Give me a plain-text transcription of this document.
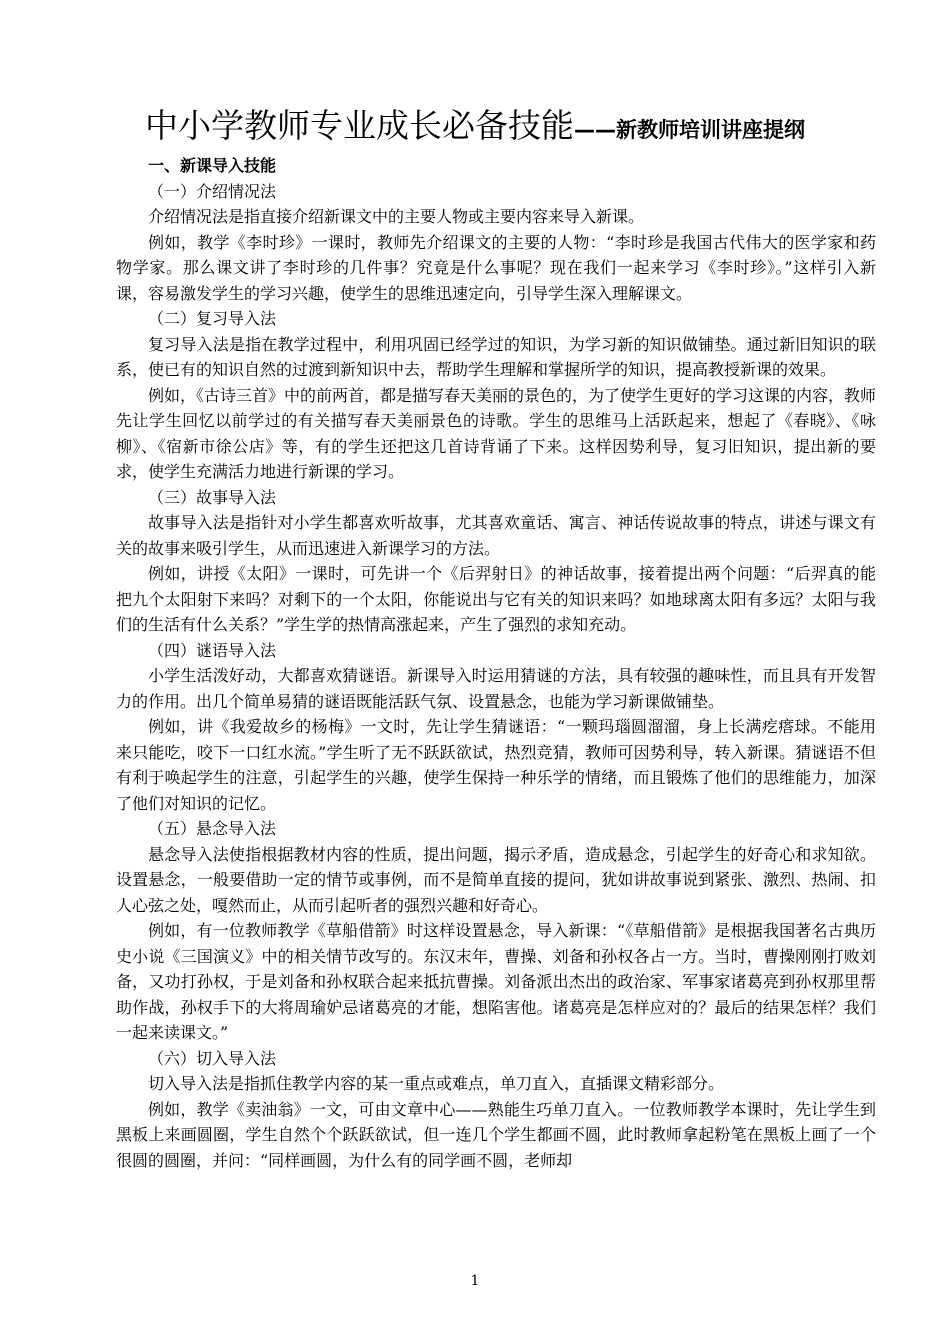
中小学教师专业成长必备技能——新教师培训讲座提纲

一、新课导入技能

（一）介绍情况法

介绍情况法是指直接介绍新课文中的主要人物或主要内容来导入新课。

例如，教学《李时珍》一课时，教师先介绍课文的主要的人物：“李时珍是我国古代伟大的医学家和药物学家。那么课文讲了李时珍的几件事？究竟是什么事呢？现在我们一起来学习《李时珍》。”这样引入新课，容易激发学生的学习兴趣，使学生的思维迅速定向，引导学生深入理解课文。

（二）复习导入法

复习导入法是指在教学过程中，利用巩固已经学过的知识，为学习新的知识做铺垫。通过新旧知识的联系，使已有的知识自然的过渡到新知识中去，帮助学生理解和掌握所学的知识，提高教授新课的效果。

例如，《古诗三首》中的前两首，都是描写春天美丽的景色的，为了使学生更好的学习这课的内容，教师先让学生回忆以前学过的有关描写春天美丽景色的诗歌。学生的思维马上活跃起来，想起了《春晓》、《咏柳》、《宿新市徐公店》等，有的学生还把这几首诗背诵了下来。这样因势利导，复习旧知识，提出新的要求，使学生充满活力地进行新课的学习。

（三）故事导入法

故事导入法是指针对小学生都喜欢听故事，尤其喜欢童话、寓言、神话传说故事的特点，讲述与课文有关的故事来吸引学生，从而迅速进入新课学习的方法。

例如，讲授《太阳》一课时，可先讲一个《后羿射日》的神话故事，接着提出两个问题：“后羿真的能把九个太阳射下来吗？对剩下的一个太阳，你能说出与它有关的知识来吗？如地球离太阳有多远？太阳与我们的生活有什么关系？”学生学的热情高涨起来，产生了强烈的求知充动。

（四）谜语导入法

小学生活泼好动，大都喜欢猜谜语。新课导入时运用猜谜的方法，具有较强的趣味性，而且具有开发智力的作用。出几个简单易猜的谜语既能活跃气氛、设置悬念，也能为学习新课做铺垫。

例如，讲《我爱故乡的杨梅》一文时，先让学生猜谜语：“一颗玛瑙圆溜溜，身上长满疙瘩球。不能用来只能吃，咬下一口红水流。”学生听了无不跃跃欲试，热烈竞猜，教师可因势利导，转入新课。猜谜语不但有利于唤起学生的注意，引起学生的兴趣，使学生保持一种乐学的情绪，而且锻炼了他们的思维能力，加深了他们对知识的记忆。

（五）悬念导入法

悬念导入法使指根据教材内容的性质，提出问题，揭示矛盾，造成悬念，引起学生的好奇心和求知欲。设置悬念，一般要借助一定的情节或事例，而不是简单直接的提问，犹如讲故事说到紧张、激烈、热闹、扣人心弦之处，嘎然而止，从而引起听者的强烈兴趣和好奇心。

例如，有一位教师教学《草船借箭》时这样设置悬念，导入新课：“《草船借箭》是根据我国著名古典历史小说《三国演义》中的相关情节改写的。东汉末年，曹操、刘备和孙权各占一方。当时，曹操刚刚打败刘备，又功打孙权，于是刘备和孙权联合起来抵抗曹操。刘备派出杰出的政治家、军事家诸葛亮到孙权那里帮助作战，孙权手下的大将周瑜妒忌诸葛亮的才能，想陷害他。诸葛亮是怎样应对的？最后的结果怎样？我们一起来读课文。”

（六）切入导入法

切入导入法是指抓住教学内容的某一重点或难点，单刀直入，直插课文精彩部分。

例如，教学《卖油翁》一文，可由文章中心——熟能生巧单刀直入。一位教师教学本课时，先让学生到黑板上来画圆圈，学生自然个个跃跃欲试，但一连几个学生都画不圆，此时教师拿起粉笔在黑板上画了一个很圆的圆圈，并问：“同样画圆，为什么有的同学画不圆，老师却

1
